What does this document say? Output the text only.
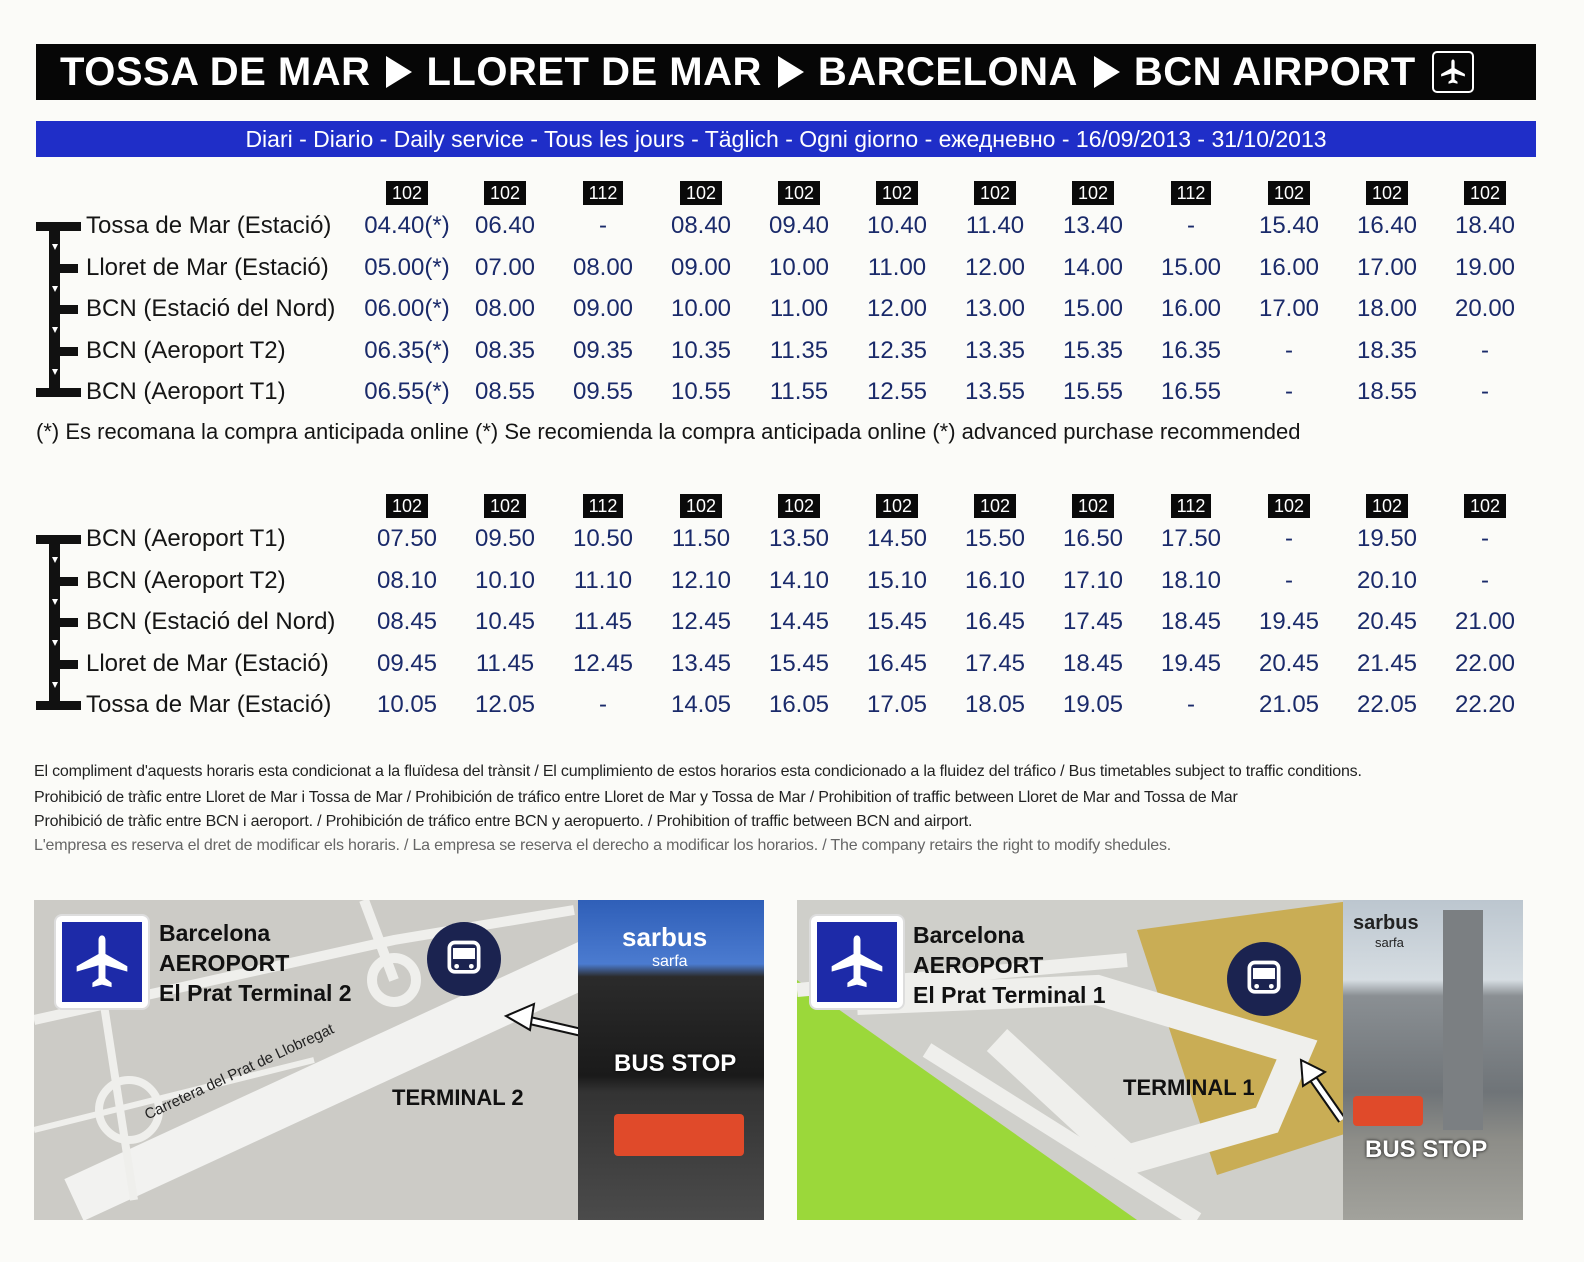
TOSSA DE MAR LLORET DE MAR BARCELONA BCN AIRPORT
Diari - Diario - Daily service - Tous les jours - Täglich - Ogni giorno - ежедневно - 16/09/2013 - 31/10/2013
102	102	112	102	102	102	102	102	112	102	102	102
Tossa de Mar (Estació) 04.40(*)	06.40	-	08.40	09.40	10.40	11.40	13.40	-	15.40	16.40	18.40
Lloret de Mar (Estació) 05.00(*)	07.00	08.00	09.00	10.00	11.00	12.00	14.00	15.00	16.00	17.00	19.00
BCN (Estació del Nord) 06.00(*)	08.00	09.00	10.00	11.00	12.00	13.00	15.00	16.00	17.00	18.00	20.00
BCN (Aeroport T2)	06.35(*)	08.35	09.35	10.35	11.35	12.35	13.35	15.35	16.35	-	18.35	-
BCN (Aeroport T1)	06.55(*)	08.55	09.55	10.55	11.55	12.55	13.55	15.55	16.55	-	18.55	-
(*) Es recomana la compra anticipada online (*) Se recomienda la compra anticipada online (*) advanced purchase recommended
102	102	112	102	102	102	102	102	112	102	102	102
BCN (Aeroport T1)	07.50	09.50	10.50	11.50	13.50	14.50	15.50	16.50	17.50	-	19.50	-
BCN (Aeroport T2)	08.10	10.10	11.10	12.10	14.10	15.10	16.10	17.10	18.10	-	20.10	-
BCN (Estació del Nord)	08.45	10.45	11.45	12.45	14.45	15.45	16.45	17.45	18.45	19.45	20.45	21.00
Lloret de Mar (Estació)	09.45	11.45	12.45	13.45	15.45	16.45	17.45	18.45	19.45	20.45	21.45	22.00
Tossa de Mar (Estació)	10.05	12.05	-	14.05	16.05	17.05	18.05	19.05	-	21.05	22.05	22.20
El compliment d'aquests horaris esta condicionat a la fluïdesa del trànsit / El cumplimiento de estos horarios esta condicionado a la fluidez del tráfico / Bus timetables subject to traffic conditions.
Prohibició de tràfic entre Lloret de Mar i Tossa de Mar / Prohibición de tráfico entre Lloret de Mar y Tossa de Mar / Prohibition of traffic between Lloret de Mar and Tossa de Mar
Prohibició de tràfic entre BCN i aeroport. / Prohibición de tráfico entre BCN y aeropuerto. / Prohibition of traffic between BCN and airport.
L'empresa es reserva el dret de modificar els horaris. / La empresa se reserva el derecho a modificar los horarios. / The company retairs the right to modify shedules.
Barcelona
AEROPORT
El Prat Terminal 2
TERMINAL 2
Carretera del Prat de Llobregat
sarbus
sarfa
BUS STOP
Barcelona
AEROPORT
El Prat Terminal 1
TERMINAL 1
sarbus
sarfa
BUS STOP
